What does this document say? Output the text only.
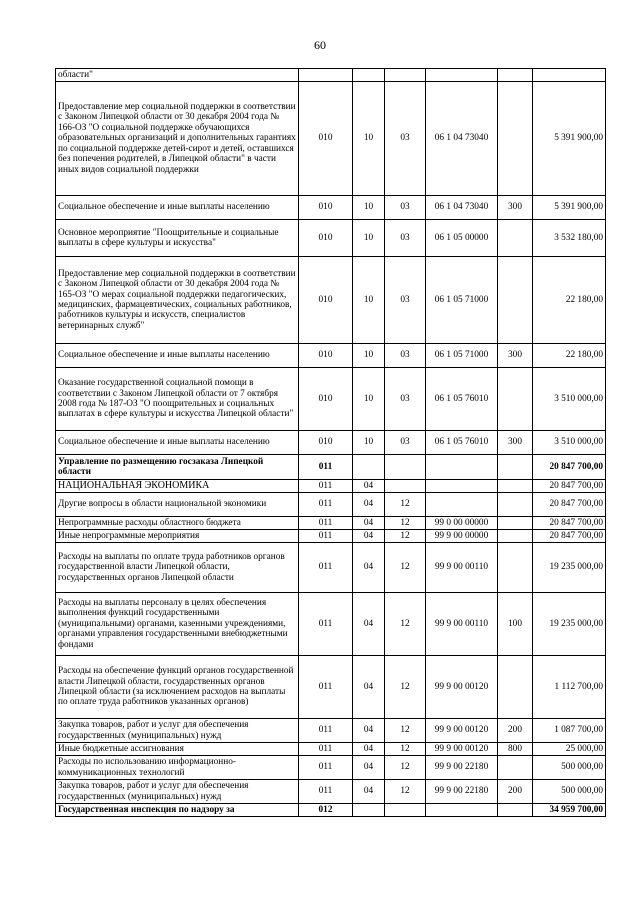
60
области"						
Предоставление мер социальной поддержки в соответствии с Законом Липецкой области от 30 декабря 2004 года № 166-ОЗ "О социальной поддержке обучающихся образовательных организаций и дополнительных гарантиях по социальной поддержке детей-сирот и детей, оставшихся без попечения родителей, в Липецкой области" в части иных видов социальной поддержки	010	10	03	06 1 04 73040		5 391 900,00
Социальное обеспечение и иные выплаты населению	010	10	03	06 1 04 73040	300	5 391 900,00
Основное мероприятие "Поощрительные и социальные выплаты в сфере культуры и искусства"	010	10	03	06 1 05 00000		3 532 180,00
Предоставление мер социальной поддержки в соответствии с Законом Липецкой области от 30 декабря 2004 года № 165-ОЗ "О мерах социальной поддержки педагогических, медицинских, фармацевтических, социальных работников, работников культуры и искусств, специалистов ветеринарных служб"	010	10	03	06 1 05 71000		22 180,00
Социальное обеспечение и иные выплаты населению	010	10	03	06 1 05 71000	300	22 180,00
Оказание государственной социальной помощи в соответствии с Законом Липецкой области от 7 октября 2008 года № 187-ОЗ "О поощрительных и социальных выплатах в сфере культуры и искусства Липецкой области"	010	10	03	06 1 05 76010		3 510 000,00
Социальное обеспечение и иные выплаты населению	010	10	03	06 1 05 76010	300	3 510 000,00
Управление по размещению госзаказа Липецкой области	011					20 847 700,00
НАЦИОНАЛЬНАЯ ЭКОНОМИКА	011	04				20 847 700,00
Другие вопросы в области национальной экономики	011	04	12			20 847 700,00
Непрограммные расходы областного бюджета	011	04	12	99 0 00 00000		20 847 700,00
Иные непрограммные мероприятия	011	04	12	99 9 00 00000		20 847 700,00
Расходы на выплаты по оплате труда работников органов государственной власти Липецкой области, государственных органов Липецкой области	011	04	12	99 9 00 00110		19 235 000,00
Расходы на выплаты персоналу в целях обеспечения выполнения функций государственными (муниципальными) органами, казенными учреждениями, органами управления государственными внебюджетными фондами	011	04	12	99 9 00 00110	100	19 235 000,00
Расходы на обеспечение функций органов государственной власти Липецкой области, государственных органов Липецкой области (за исключением расходов на выплаты по оплате труда работников указанных органов)	011	04	12	99 9 00 00120		1 112 700,00
Закупка товаров, работ и услуг для обеспечения государственных (муниципальных) нужд	011	04	12	99 9 00 00120	200	1 087 700,00
Иные бюджетные ассигнования	011	04	12	99 9 00 00120	800	25 000,00
Расходы по использованию информационно-коммуникационных технологий	011	04	12	99 9 00 22180		500 000,00
Закупка товаров, работ и услуг для обеспечения государственных (муниципальных) нужд	011	04	12	99 9 00 22180	200	500 000,00
Государственная инспекция по надзору за	012					34 959 700,00
